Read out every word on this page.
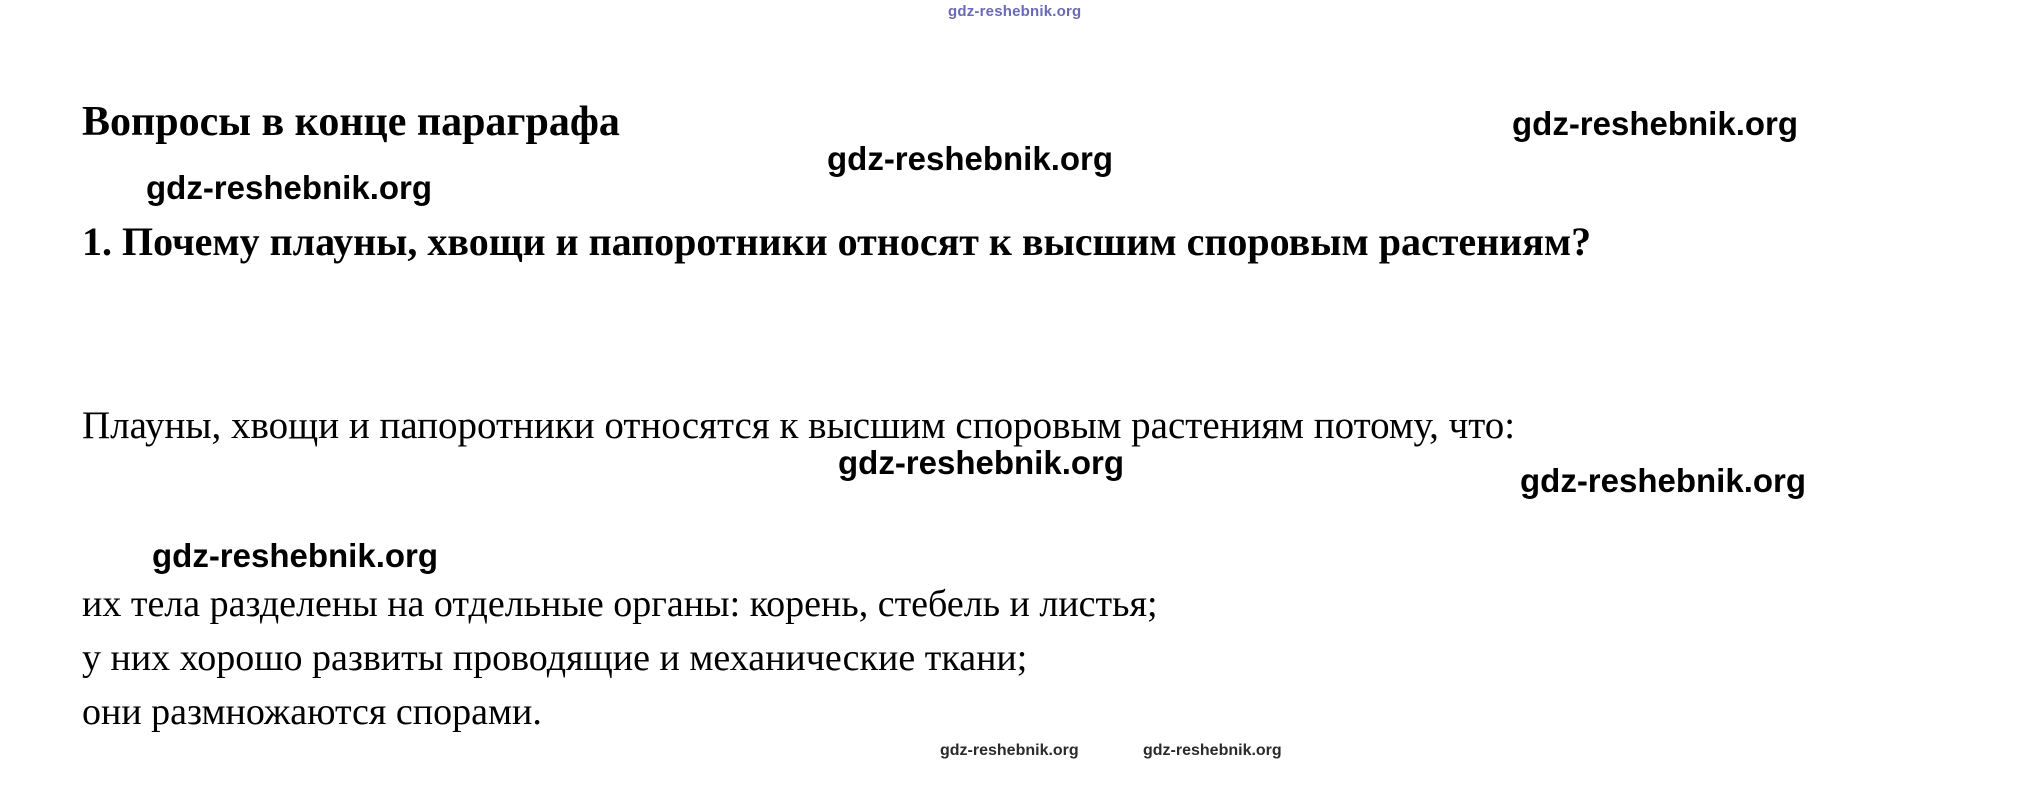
gdz-reshebnik.org
Вопросы в конце параграфа
gdz-reshebnik.org
gdz-reshebnik.org
gdz-reshebnik.org
1. Почему плауны, хвощи и папоротники относят к высшим споровым растениям?
Плауны, хвощи и папоротники относятся к высшим споровым растениям потому, что:
gdz-reshebnik.org	gdz-reshebnik.org
gdz-reshebnik.org
их тела разделены на отдельные органы: корень, стебель и листья;
у них хорошо развиты проводящие и механические ткани;
они размножаются спорами.
gdz-reshebnik.org	gdz-reshebnik.org
